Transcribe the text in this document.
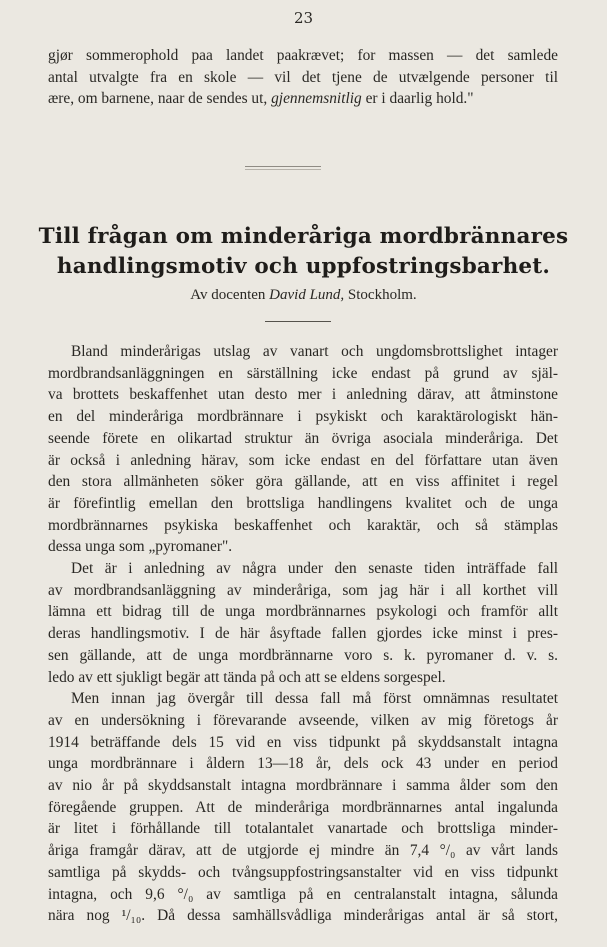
23
gjør sommerophold paa landet paakrævet; for massen — det samlede
antal utvalgte fra en skole — vil det tjene de utvælgende personer til
ære, om barnene, naar de sendes ut, gjennemsnitlig er i daarlig hold."
Till frågan om minderåriga mordbrännares
handlingsmotiv och uppfostringsbarhet.
Av docenten David Lund, Stockholm.

Bland minderårigas utslag av vanart och ungdomsbrottslighet intager
mordbrandsanläggningen en särställning icke endast på grund av själ-
va brottets beskaffenhet utan desto mer i anledning därav, att åtminstone
en del minderåriga mordbrännare i psykiskt och karaktärologiskt hän-
seende förete en olikartad struktur än övriga asociala minderåriga. Det
är också i anledning härav, som icke endast en del författare utan även
den stora allmänheten söker göra gällande, att en viss affinitet i regel
är förefintlig emellan den brottsliga handlingens kvalitet och de unga
mordbrännarnes psykiska beskaffenhet och karaktär, och så stämplas
dessa unga som „pyromaner".

Det är i anledning av några under den senaste tiden inträffade fall
av mordbrandsanläggning av minderåriga, som jag här i all korthet vill
lämna ett bidrag till de unga mordbrännarnes psykologi och framför allt
deras handlingsmotiv. I de här åsyftade fallen gjordes icke minst i pres-
sen gällande, att de unga mordbrännarne voro s. k. pyromaner d. v. s.
ledo av ett sjukligt begär att tända på och att se eldens sorgespel.

Men innan jag övergår till dessa fall må först omnämnas resultatet
av en undersökning i förevarande avseende, vilken av mig företogs år
1914 beträffande dels 15 vid en viss tidpunkt på skyddsanstalt intagna
unga mordbrännare i åldern 13—18 år, dels ock 43 under en period
av nio år på skyddsanstalt intagna mordbrännare i samma ålder som den
föregående gruppen. Att de minderåriga mordbrännarnes antal ingalunda
är litet i förhållande till totalantalet vanartade och brottsliga minder-
åriga framgår därav, att de utgjorde ej mindre än 7,4 °/₀ av vårt lands
samtliga på skydds- och tvångsuppfostringsanstalter vid en viss tidpunkt
intagna, och 9,6 °/₀ av samtliga på en centralanstalt intagna, sålunda
nära nog ¹/₁₀. Då dessa samhällsvådliga minderårigas antal är så stort,
